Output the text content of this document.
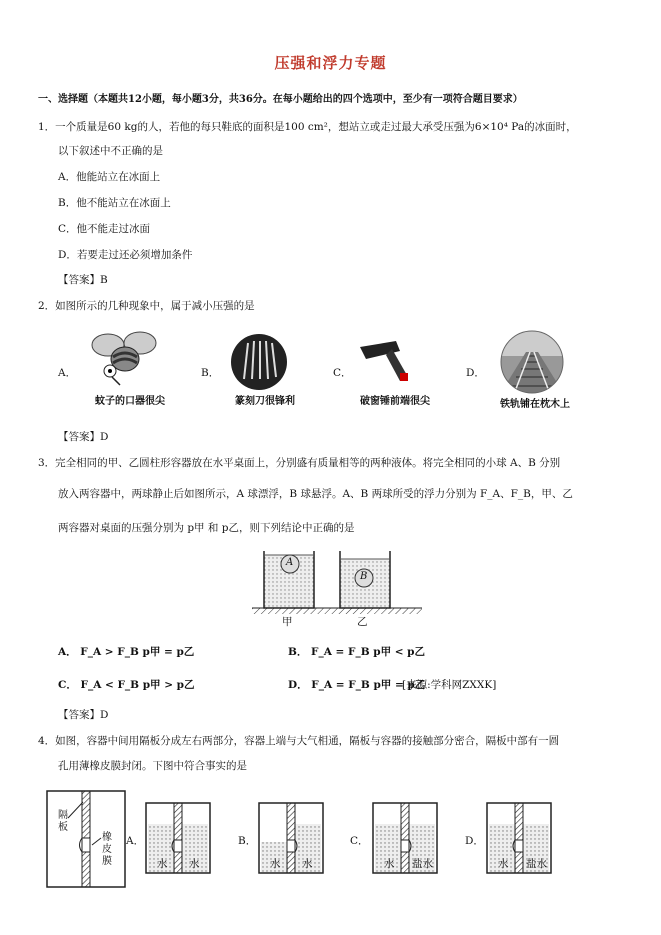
压强和浮力专题
一、选择题（本题共12小题，每小题3分，共36分。在每小题给出的四个选项中，至少有一项符合题目要求）
1．一个质量是60 kg的人，若他的每只鞋底的面积是100 cm²，想站立或走过最大承受压强为6×10⁴ Pa的冰面时，
以下叙述中不正确的是
A．他能站立在冰面上
B．他不能站立在冰面上
C．他不能走过冰面
D．若要走过还必须增加条件
【答案】B
2．如图所示的几种现象中，属于减小压强的是
A．	B．	C．	D．
蚊子的口器很尖	篆刻刀很锋利	破窗锤前端很尖	铁轨铺在枕木上
【答案】D
3．完全相同的甲、乙圆柱形容器放在水平桌面上，分别盛有质量相等的两种液体。将完全相同的小球 A、B 分别
放入两容器中，两球静止后如图所示，A 球漂浮，B 球悬浮。A、B 两球所受的浮力分别为 F_A、F_B，甲、乙
两容器对桌面的压强分别为 p甲 和 p乙，则下列结论中正确的是
A
B
甲	乙
A． F_A > F_B p甲 = p乙	B． F_A = F_B p甲 < p乙
C． F_A < F_B p甲 > p乙	D． F_A = F_B p甲 = p乙
[来源:学科网ZXXK]
【答案】D
4．如图，容器中间用隔板分成左右两部分，容器上端与大气相通，隔板与容器的接触部分密合，隔板中部有一圆
孔用薄橡皮膜封闭。下图中符合事实的是
隔板
橡皮膜
A．	B．	C．	D．
水 水	水 水	水 盐水	水 盐水
